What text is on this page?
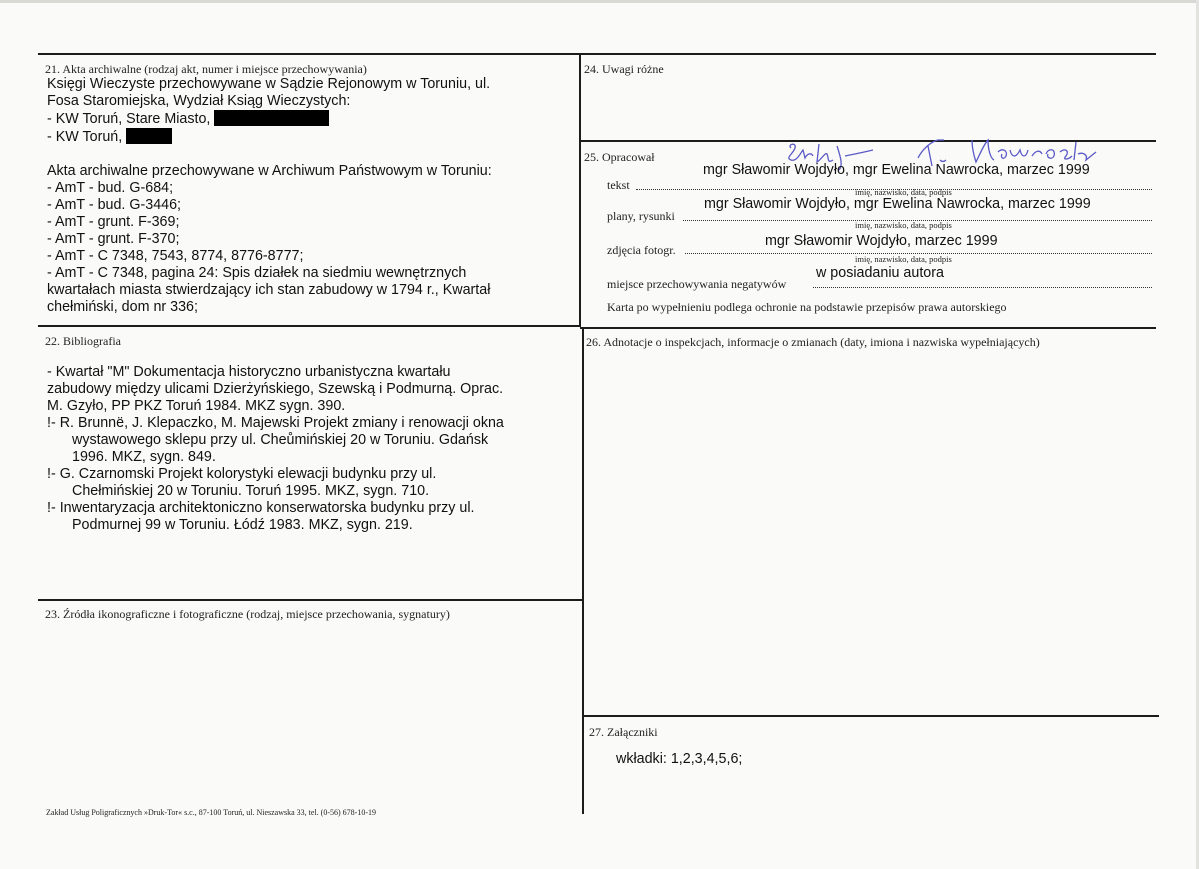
21. Akta archiwalne (rodzaj akt, numer i miejsce przechowywania)
Księgi Wieczyste przechowywane w Sądzie Rejonowym w Toruniu, ul.
Fosa Staromiejska, Wydział Ksiąg Wieczystych:
- KW Toruń, Stare Miasto,
- KW Toruń,
Akta archiwalne przechowywane w Archiwum Państwowym w Toruniu:
- AmT - bud. G-684;
- AmT - bud. G-3446;
- AmT - grunt. F-369;
- AmT - grunt. F-370;
- AmT - C 7348, 7543, 8774, 8776-8777;
- AmT - C 7348, pagina 24: Spis działek na siedmiu wewnętrznych
kwartałach miasta stwierdzający ich stan zabudowy w 1794 r., Kwartał
chełmiński, dom nr 336;
22. Bibliografia
- Kwartał "M" Dokumentacja historyczno urbanistyczna kwartału
zabudowy między ulicami Dzierżyńskiego, Szewską i Podmurną. Oprac.
M. Gzyło, PP PKZ Toruń 1984. MKZ sygn. 390.
!- R. Brunnë, J. Klepaczko, M. Majewski Projekt zmiany i renowacji okna
wystawowego sklepu przy ul. Cheůmińskiej 20 w Toruniu. Gdańsk
1996. MKZ, sygn. 849.
!- G. Czarnomski Projekt kolorystyki elewacji budynku przy ul.
Chełmińskiej 20 w Toruniu. Toruń 1995. MKZ, sygn. 710.
!- Inwentaryzacja architektoniczno konserwatorska budynku przy ul.
Podmurnej 99 w Toruniu. Łódź 1983. MKZ, sygn. 219.
23. Źródła ikonograficzne i fotograficzne (rodzaj, miejsce przechowania, sygnatury)
24. Uwagi różne
25. Opracował
tekst
mgr Sławomir Wojdyło, mgr Ewelina Nawrocka, marzec 1999
imię, nazwisko, data, podpis
plany, rysunki
mgr Sławomir Wojdyło, mgr Ewelina Nawrocka, marzec 1999
imię, nazwisko, data, podpis
zdjęcia fotogr.
mgr Sławomir Wojdyło, marzec 1999
imię, nazwisko, data, podpis
miejsce przechowywania negatywów
w posiadaniu autora
Karta po wypełnieniu podlega ochronie na podstawie przepisów prawa autorskiego
26. Adnotacje o inspekcjach, informacje o zmianach (daty, imiona i nazwiska wypełniających)
27. Załączniki
wkładki: 1,2,3,4,5,6;
Zakład Usług Poligraficznych »Druk-Tor« s.c., 87-100 Toruń, ul. Nieszawska 33, tel. (0-56) 678-10-19
